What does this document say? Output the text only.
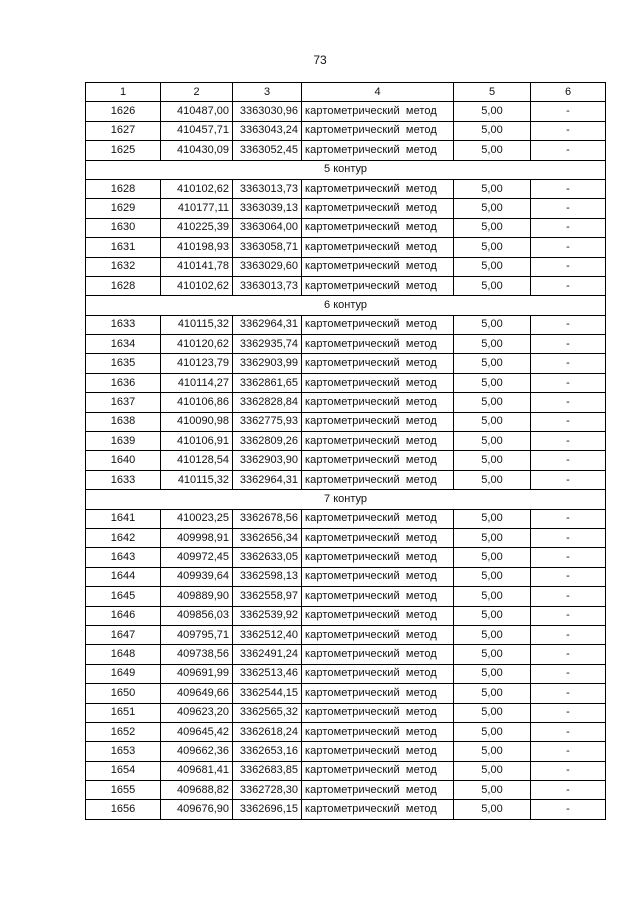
73
1	2	3	4	5	6
1626	410487,00	3363030,96	картометрический метод	5,00	-
1627	410457,71	3363043,24	картометрический метод	5,00	-
1625	410430,09	3363052,45	картометрический метод	5,00	-
5 контур					
1628	410102,62	3363013,73	картометрический метод	5,00	-
1629	410177,11	3363039,13	картометрический метод	5,00	-
1630	410225,39	3363064,00	картометрический метод	5,00	-
1631	410198,93	3363058,71	картометрический метод	5,00	-
1632	410141,78	3363029,60	картометрический метод	5,00	-
1628	410102,62	3363013,73	картометрический метод	5,00	-
6 контур					
1633	410115,32	3362964,31	картометрический метод	5,00	-
1634	410120,62	3362935,74	картометрический метод	5,00	-
1635	410123,79	3362903,99	картометрический метод	5,00	-
1636	410114,27	3362861,65	картометрический метод	5,00	-
1637	410106,86	3362828,84	картометрический метод	5,00	-
1638	410090,98	3362775,93	картометрический метод	5,00	-
1639	410106,91	3362809,26	картометрический метод	5,00	-
1640	410128,54	3362903,90	картометрический метод	5,00	-
1633	410115,32	3362964,31	картометрический метод	5,00	-
7 контур					
1641	410023,25	3362678,56	картометрический метод	5,00	-
1642	409998,91	3362656,34	картометрический метод	5,00	-
1643	409972,45	3362633,05	картометрический метод	5,00	-
1644	409939,64	3362598,13	картометрический метод	5,00	-
1645	409889,90	3362558,97	картометрический метод	5,00	-
1646	409856,03	3362539,92	картометрический метод	5,00	-
1647	409795,71	3362512,40	картометрический метод	5,00	-
1648	409738,56	3362491,24	картометрический метод	5,00	-
1649	409691,99	3362513,46	картометрический метод	5,00	-
1650	409649,66	3362544,15	картометрический метод	5,00	-
1651	409623,20	3362565,32	картометрический метод	5,00	-
1652	409645,42	3362618,24	картометрический метод	5,00	-
1653	409662,36	3362653,16	картометрический метод	5,00	-
1654	409681,41	3362683,85	картометрический метод	5,00	-
1655	409688,82	3362728,30	картометрический метод	5,00	-
1656	409676,90	3362696,15	картометрический метод	5,00	-
